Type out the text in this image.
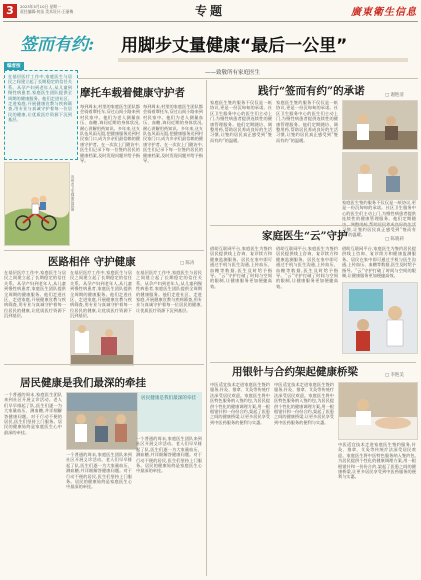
3	2023年5月10日 星期一
责任编辑:何苗 美术设计:王丽梅	专题	廣東衛生信息
签而有约: 用脚步丈量健康“最后一公里”
——致敬所有家庭医生
编者按
在基层医疗工作中,家庭医生与居民之间建立起了长期稳定的信任关系。从孕产妇到老年人,从儿童到慢性病患者,家庭医生团队提供全周期的健康服务。他们走进社区、走进家庭,开展健康宣教与疾病筛查,用专业与真诚守护着每一位居民的健康,让优质医疗资源下沉到基层。
连州市卫生健康局供图
摩托车载着健康守护者
每到周末,村里的家庭医生团队都会骑着摩托车,穿过山间小路来到村民家中。他们为老人测量血压、血糖,询问近期的身体状况,耐心讲解用药知识。多年来,这支队伍风雨无阻,把健康服务送到村民家门口,成为乡亲们最信赖的健康守护者。在一次次上门随访中,医生们记录下每一位签约居民的健康档案,及时发现问题并给予指导。
每到周末,村里的家庭医生团队都会骑着摩托车,穿过山间小路来到村民家中。他们为老人测量血压、血糖,询问近期的身体状况,耐心讲解用药知识。多年来,这支队伍风雨无阻,把健康服务送到村民家门口,成为乡亲们最信赖的健康守护者。在一次次上门随访中,医生们记录下每一位签约居民的健康档案,及时发现问题并给予指导。
医路相伴 守护健康	□ 陈涛
在基层医疗工作中,家庭医生与居民之间建立起了长期稳定的信任关系。从孕产妇到老年人,从儿童到慢性病患者,家庭医生团队提供全周期的健康服务。他们走进社区、走进家庭,开展健康宣教与疾病筛查,用专业与真诚守护着每一位居民的健康,让优质医疗资源下沉到基层。
在基层医疗工作中,家庭医生与居民之间建立起了长期稳定的信任关系。从孕产妇到老年人,从儿童到慢性病患者,家庭医生团队提供全周期的健康服务。他们走进社区、走进家庭,开展健康宣教与疾病筛查,用专业与真诚守护着每一位居民的健康,让优质医疗资源下沉到基层。
在基层医疗工作中,家庭医生与居民之间建立起了长期稳定的信任关系。从孕产妇到老年人,从儿童到慢性病患者,家庭医生团队提供全周期的健康服务。他们走进社区、走进家庭,开展健康宣教与疾病筛查,用专业与真诚守护着每一位居民的健康,让优质医疗资源下沉到基层。
居民健康是我们最深的牵挂
一个普通的周末,家庭医生团队来到社区开展义诊活动。老人们早早排起了队,医生们逐一为大家量血压、测血糖,并详细解答健康问题。对于行动不便的居民,医生们坚持上门服务。居民的健康始终是家庭医生心中最深的牵挂。
居民健康是我们最深的牵挂
一个普通的周末,家庭医生团队来到社区开展义诊活动。老人们早早排起了队,医生们逐一为大家量血压、测血糖,并详细解答健康问题。对于行动不便的居民,医生们坚持上门服务。居民的健康始终是家庭医生心中最深的牵挂。
一个普通的周末,家庭医生团队来到社区开展义诊活动。老人们早早排起了队,医生们逐一为大家量血压、测血糖,并详细解答健康问题。对于行动不便的居民,医生们坚持上门服务。居民的健康始终是家庭医生心中最深的牵挂。
践行“签而有约”的承诺	□ 谢艳清
家庭医生签约服务不仅仅是一纸协议,更是一份沉甸甸的承诺。社区卫生服务中心的医生们主动上门,为慢性病患者提供连续性的健康管理服务。他们定期随访、调整用药,帮助居民养成良好的生活习惯,让签约居民真正感受到“签而有约”的温暖。
家庭医生签约服务不仅仅是一纸协议,更是一份沉甸甸的承诺。社区卫生服务中心的医生们主动上门,为慢性病患者提供连续性的健康管理服务。他们定期随访、调整用药,帮助居民养成良好的生活习惯,让签约居民真正感受到“签而有约”的温暖。
家庭医生签约服务不仅仅是一纸协议,更是一份沉甸甸的承诺。社区卫生服务中心的医生们主动上门,为慢性病患者提供连续性的健康管理服务。他们定期随 习惯,让签约居民真正感受到“签而有约”的温暖。
家庭医生“云”守护	□ 陈晓莉
借助互联网平台,家庭医生为签约居民提供线上咨询、复诊续方和健康监测服务。居民在家中即可通过手机与医生沟通,上传血压、血糖等数据,医生及时给予指导。“云”守护打破了时间与空间的限制,让健康服务更加便捷高效。
借助互联网平台,家庭医生为签约居民提供线上咨询、复诊续方和健康监测服务。居民在家中即可通过手机与医生沟通,上传血压、血糖等数据,医生及时给予指导。“云”守护打破了时间与空间的限制,让健康服务更加便捷高效。
借助互联网平台,家庭医生为签约居民提供线上咨询、复诊续方和健康监测服务。居民在家中即可通过手机与医生沟通,上传血压、血糖等数据,医生及时给予指导。“云”守护打破了时间与空间的限制,让健康服务更加便捷高效。
用银针与合约架起健康桥梁	□ 李艳美
中医适宜技术走进家庭医生签约服务,针灸、推拿、艾灸等传统疗法深受居民欢迎。家庭医生将中医特色服务纳入签约包,为居民提供个性化的健康调理方案,用一根根银针和一份份合约,架起了医患之间的健康桥梁,让更多居民享受到中医药服务的便利与实惠。
中医适宜技术走进家庭医生签约服务,针灸、推拿、艾灸等传统疗法深受居民欢迎。家庭医生将中医特色服务纳入签约包,为居民提供个性化的健康调理方案,用一根根银针和一份份合约,架起了医患之间的健康桥梁,让更多居民享受到中医药服务的便利与实惠。
中医适宜技术走进家庭医生签约服务,针灸、推拿、艾灸等传统疗法深受居民欢迎。家庭医生将中医特色服务纳入签约包,为居民提供个性化的健康调理方案,用一根根银针和一份份合约,架起了医患之间的健康桥梁,让更多居民享受到中医药服务的便利与实惠。
